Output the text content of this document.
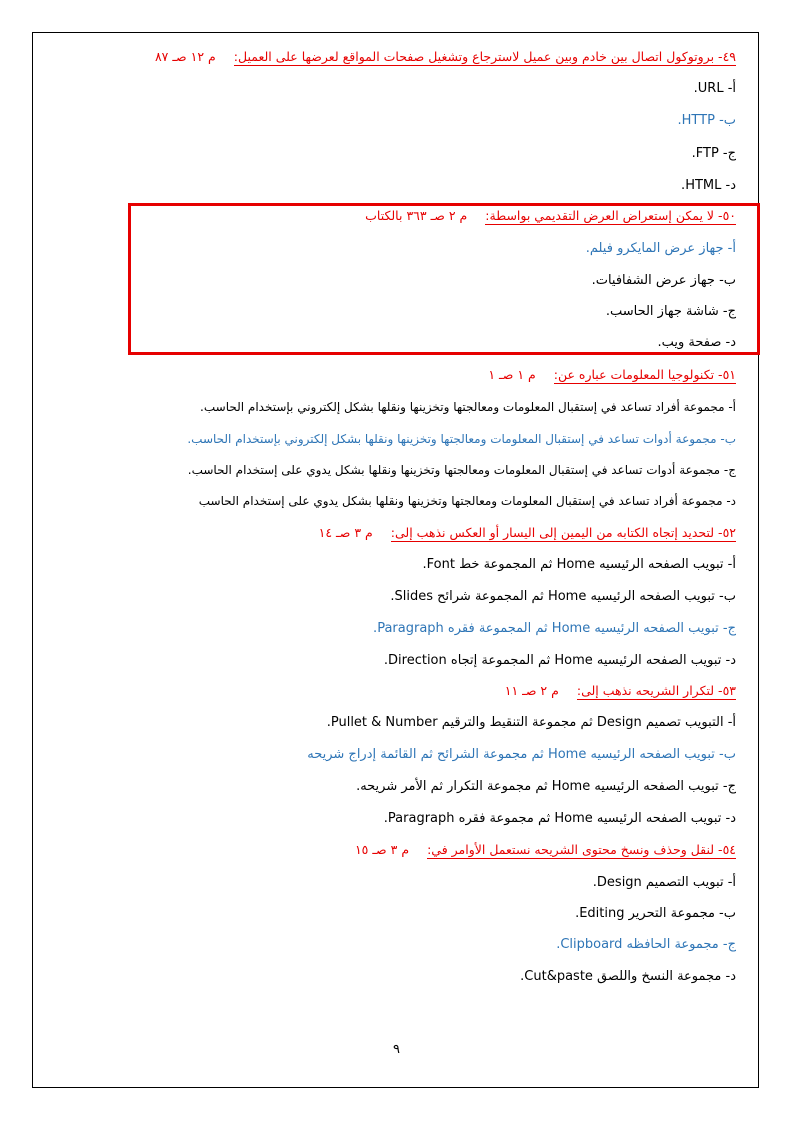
٤٩- بروتوكول اتصال بين خادم وبين عميل لاسترجاع وتشغيل صفحات المواقع لعرضها على العميل:م ١٢ صـ ٨٧
أ- URL.
ب- HTTP.
ج- FTP.
د- HTML.
٥٠- لا يمكن إستعراض العرض التقديمي بواسطة:م ٢ صـ ٣٦٣ بالكتاب
أ- جهاز عرض المايكرو فيلم.
ب- جهاز عرض الشفافيات.
ج- شاشة جهاز الحاسب.
د- صفحة ويب.
٥١- تكنولوجيا المعلومات عباره عن:م ١ صـ ١
أ- مجموعة أفراد تساعد في إستقبال المعلومات ومعالجتها وتخزينها ونقلها بشكل إلكتروني بإستخدام الحاسب.
ب- مجموعة أدوات تساعد في إستقبال المعلومات ومعالجتها وتخزينها ونقلها بشكل إلكتروني بإستخدام الحاسب.
ج- مجموعة أدوات تساعد في إستقبال المعلومات ومعالجتها وتخزينها ونقلها بشكل يدوي على إستخدام الحاسب.
د- مجموعة أفراد تساعد في إستقبال المعلومات ومعالجتها وتخزينها ونقلها بشكل يدوي على إستخدام الحاسب
٥٢- لتحديد إتجاه الكتابه من اليمين إلى اليسار أو العكس نذهب إلى:م ٣ صـ ١٤
أ- تبويب الصفحه الرئيسيه Home ثم المجموعة خط Font.
ب- تبويب الصفحه الرئيسيه Home ثم المجموعة شرائح Slides.
ج- تبويب الصفحه الرئيسيه Home ثم المجموعة فقره Paragraph.
د- تبويب الصفحه الرئيسيه Home ثم المجموعة إتجاه Direction.
٥٣- لتكرار الشريحه نذهب إلى:م ٢ صـ ١١
أ- التبويب تصميم Design ثم مجموعة التنقيط والترقيم Pullet & Number.
ب- تبويب الصفحه الرئيسيه Home ثم مجموعة الشرائح ثم القائمة إدراج شريحه
ج- تبويب الصفحه الرئيسيه Home ثم مجموعة التكرار ثم الأمر شريحه.
د- تبويب الصفحه الرئيسيه Home ثم مجموعة فقره Paragraph.
٥٤- لنقل وحذف ونسخ محتوى الشريحه نستعمل الأوامر في:م ٣ صـ ١٥
أ- تبويب التصميم Design.
ب- مجموعة التحرير Editing.
ج- مجموعة الحافظه Clipboard.
د- مجموعة النسخ واللصق Cut&paste.
٩
